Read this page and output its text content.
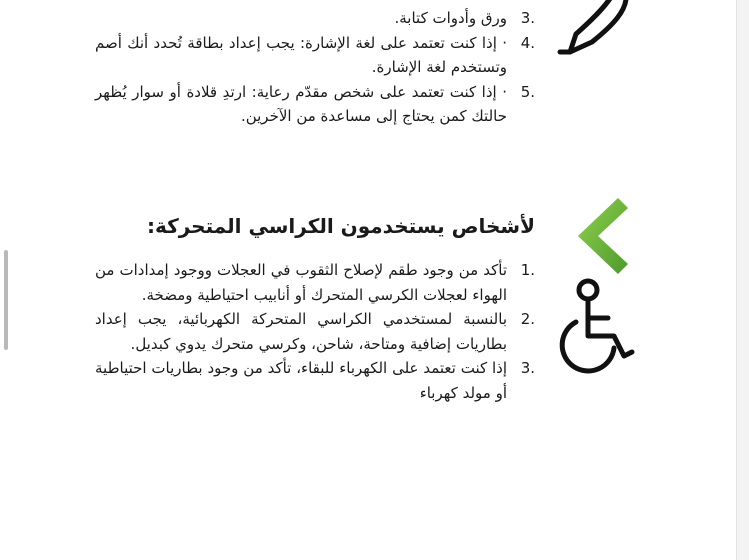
3.
ورق وأدوات كتابة.
4.
· إذا كنت تعتمد على لغة الإشارة: يجب إعداد بطاقة تُحدد أنك أصم وتستخدم لغة الإشارة.
5.
· إذا كنت تعتمد على شخص مقدّم رعاية: ارتدِ قلادة أو سوار يُظهر حالتك كمن يحتاج إلى مساعدة من الآخرين.
لأشخاص يستخدمون الكراسي المتحركة:
1.
تأكد من وجود طقم لإصلاح الثقوب في العجلات ووجود إمدادات من الهواء لعجلات الكرسي المتحرك أو أنابيب احتياطية ومضخة.
2.
بالنسبة لمستخدمي الكراسي المتحركة الكهربائية، يجب إعداد بطاريات إضافية ومتاحة، شاحن، وكرسي متحرك يدوي كبديل.
3.
إذا كنت تعتمد على الكهرباء للبقاء، تأكد من وجود بطاريات احتياطية أو مولد كهرباء
